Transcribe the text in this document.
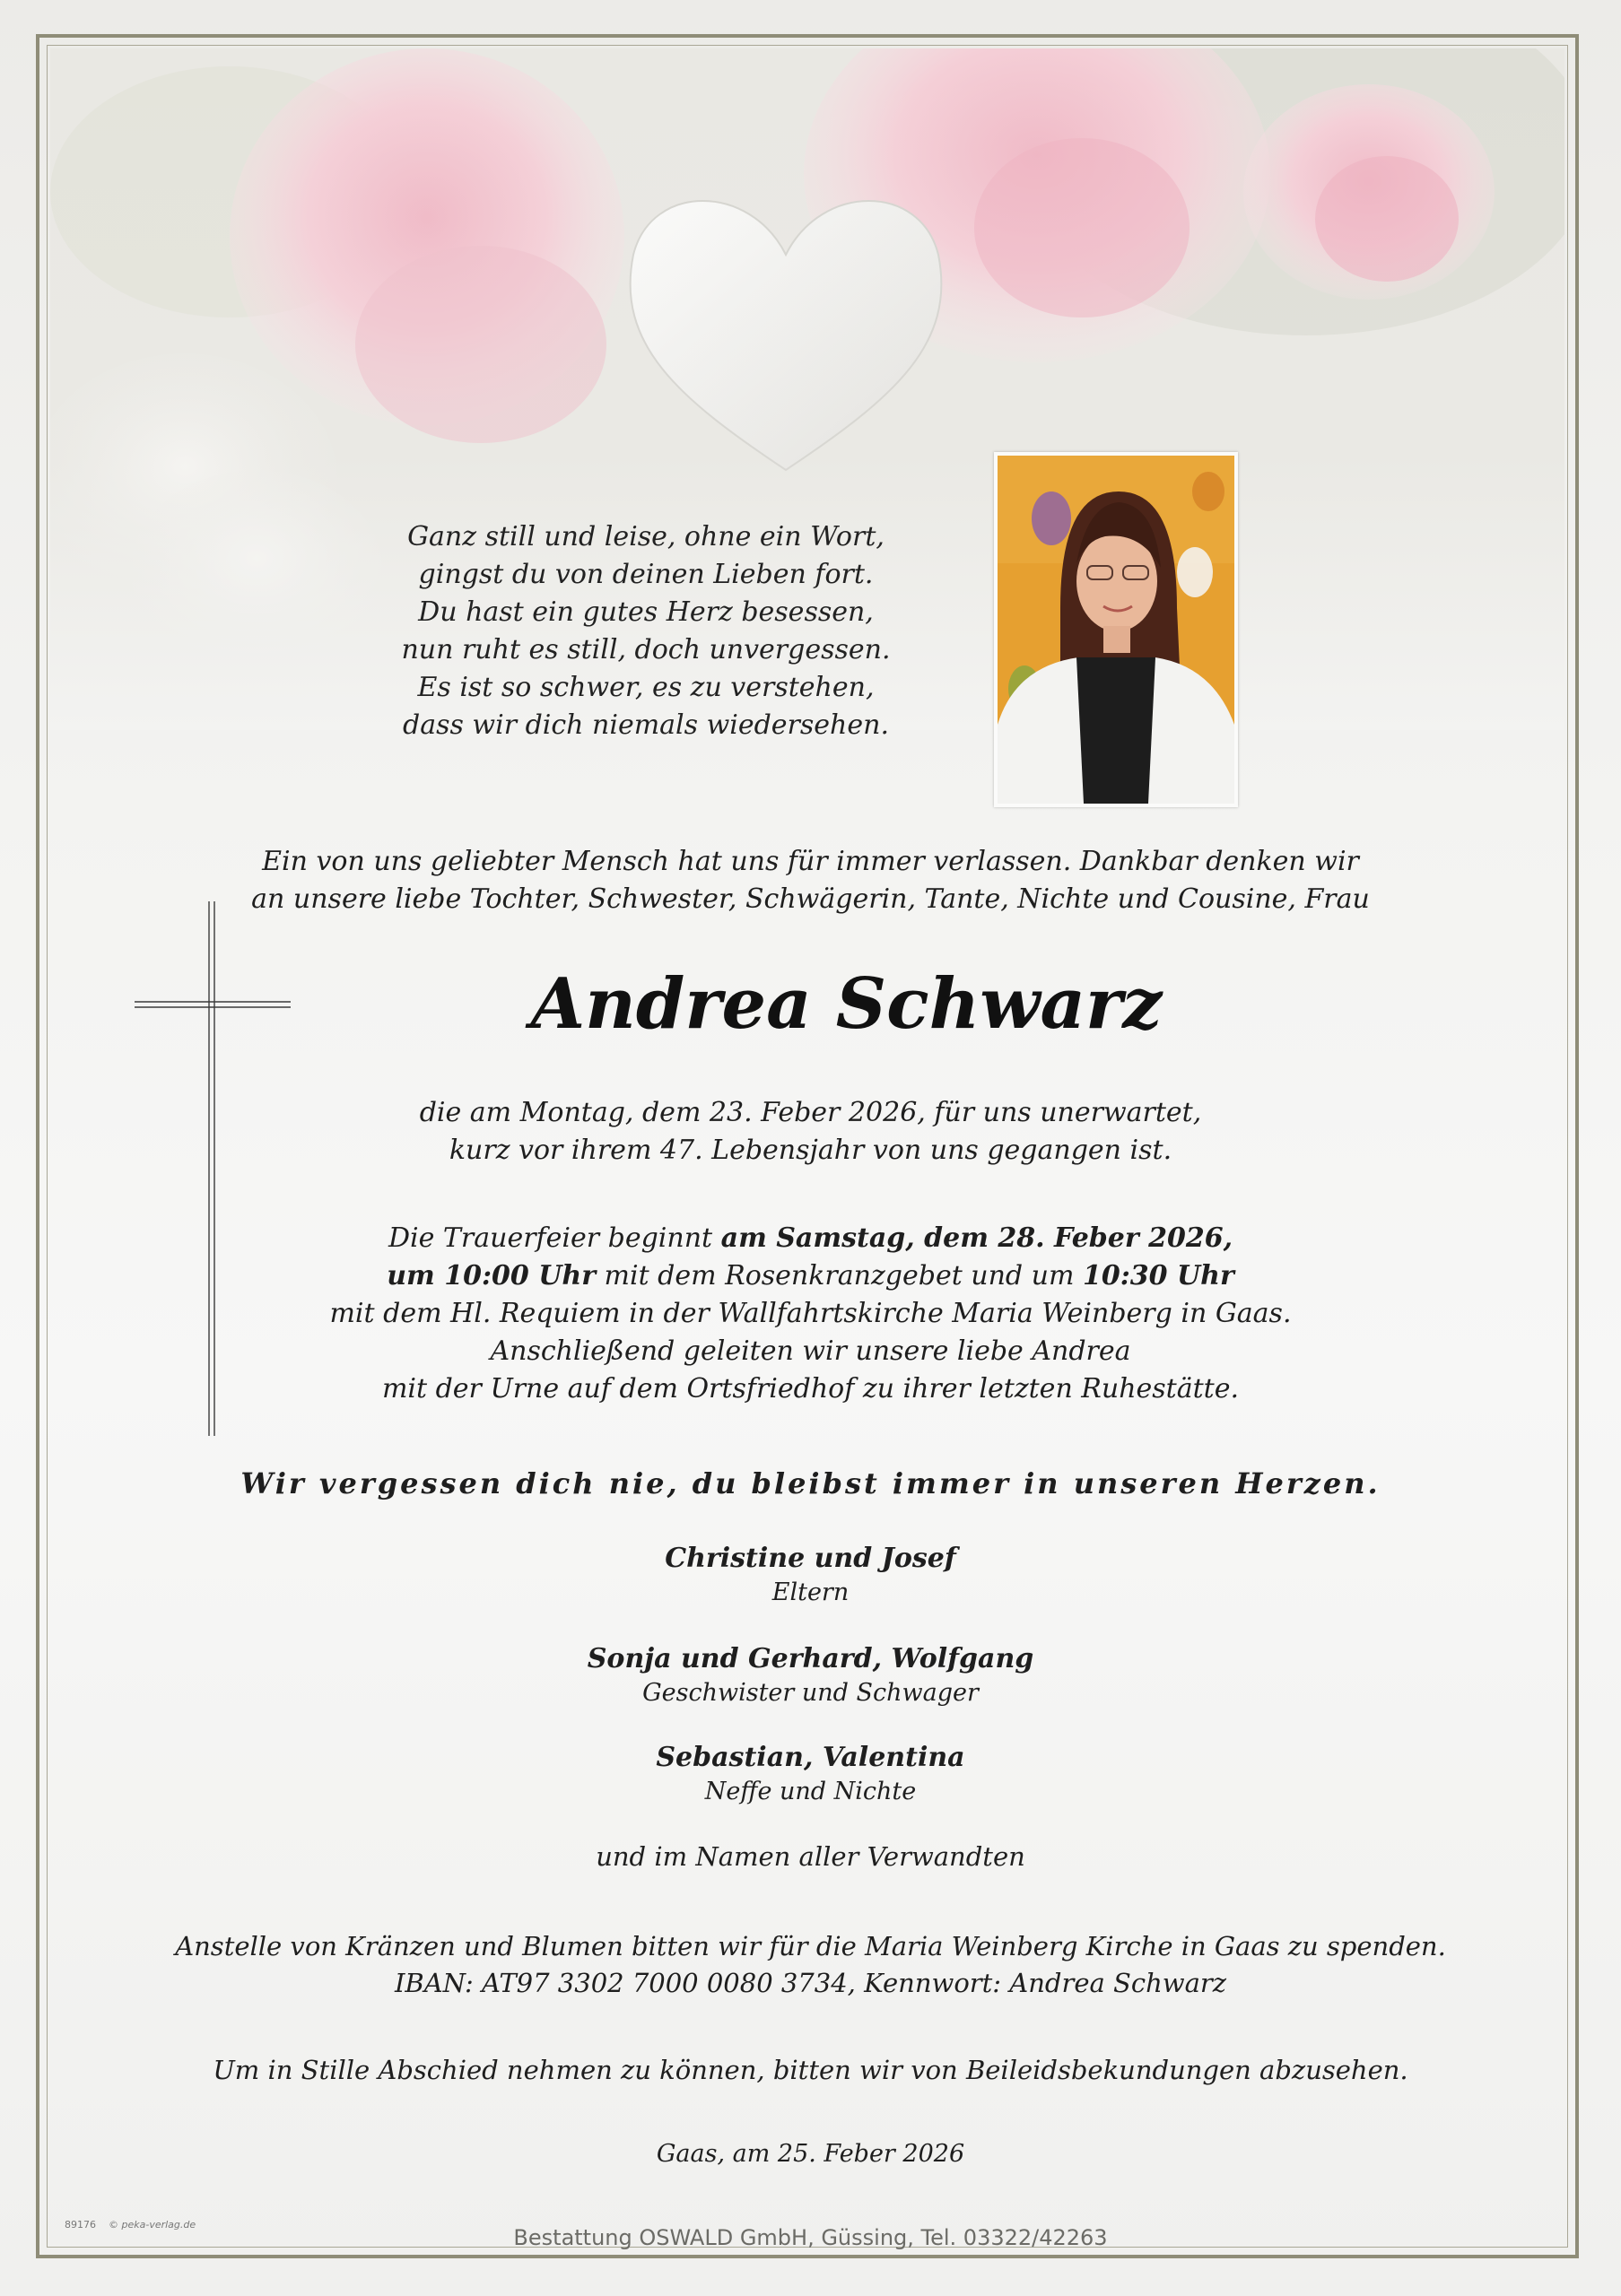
Ganz still und leise, ohne ein Wort,
gingst du von deinen Lieben fort.
Du hast ein gutes Herz besessen,
nun ruht es still, doch unvergessen.
Es ist so schwer, es zu verstehen,
dass wir dich niemals wiedersehen.
Ein von uns geliebter Mensch hat uns für immer verlassen. Dankbar denken wir
an unsere liebe Tochter, Schwester, Schwägerin, Tante, Nichte und Cousine, Frau
Andrea Schwarz
die am Montag, dem 23. Feber 2026, für uns unerwartet,
kurz vor ihrem 47. Lebensjahr von uns gegangen ist.
Die Trauerfeier beginnt am Samstag, dem 28. Feber 2026,
um 10:00 Uhr mit dem Rosenkranzgebet und um 10:30 Uhr
mit dem Hl. Requiem in der Wallfahrtskirche Maria Weinberg in Gaas.
Anschließend geleiten wir unsere liebe Andrea
mit der Urne auf dem Ortsfriedhof zu ihrer letzten Ruhestätte.
Wir vergessen dich nie, du bleibst immer in unseren Herzen.
Christine und Josef
Eltern
Sonja und Gerhard, Wolfgang
Geschwister und Schwager
Sebastian, Valentina
Neffe und Nichte
und im Namen aller Verwandten
Anstelle von Kränzen und Blumen bitten wir für die Maria Weinberg Kirche in Gaas zu spenden.
IBAN: AT97 3302 7000 0080 3734, Kennwort: Andrea Schwarz
Um in Stille Abschied nehmen zu können, bitten wir von Beileidsbekundungen abzusehen.
Gaas, am 25. Feber 2026
89176 © peka-verlag.de
Bestattung OSWALD GmbH, Güssing, Tel. 03322/42263
